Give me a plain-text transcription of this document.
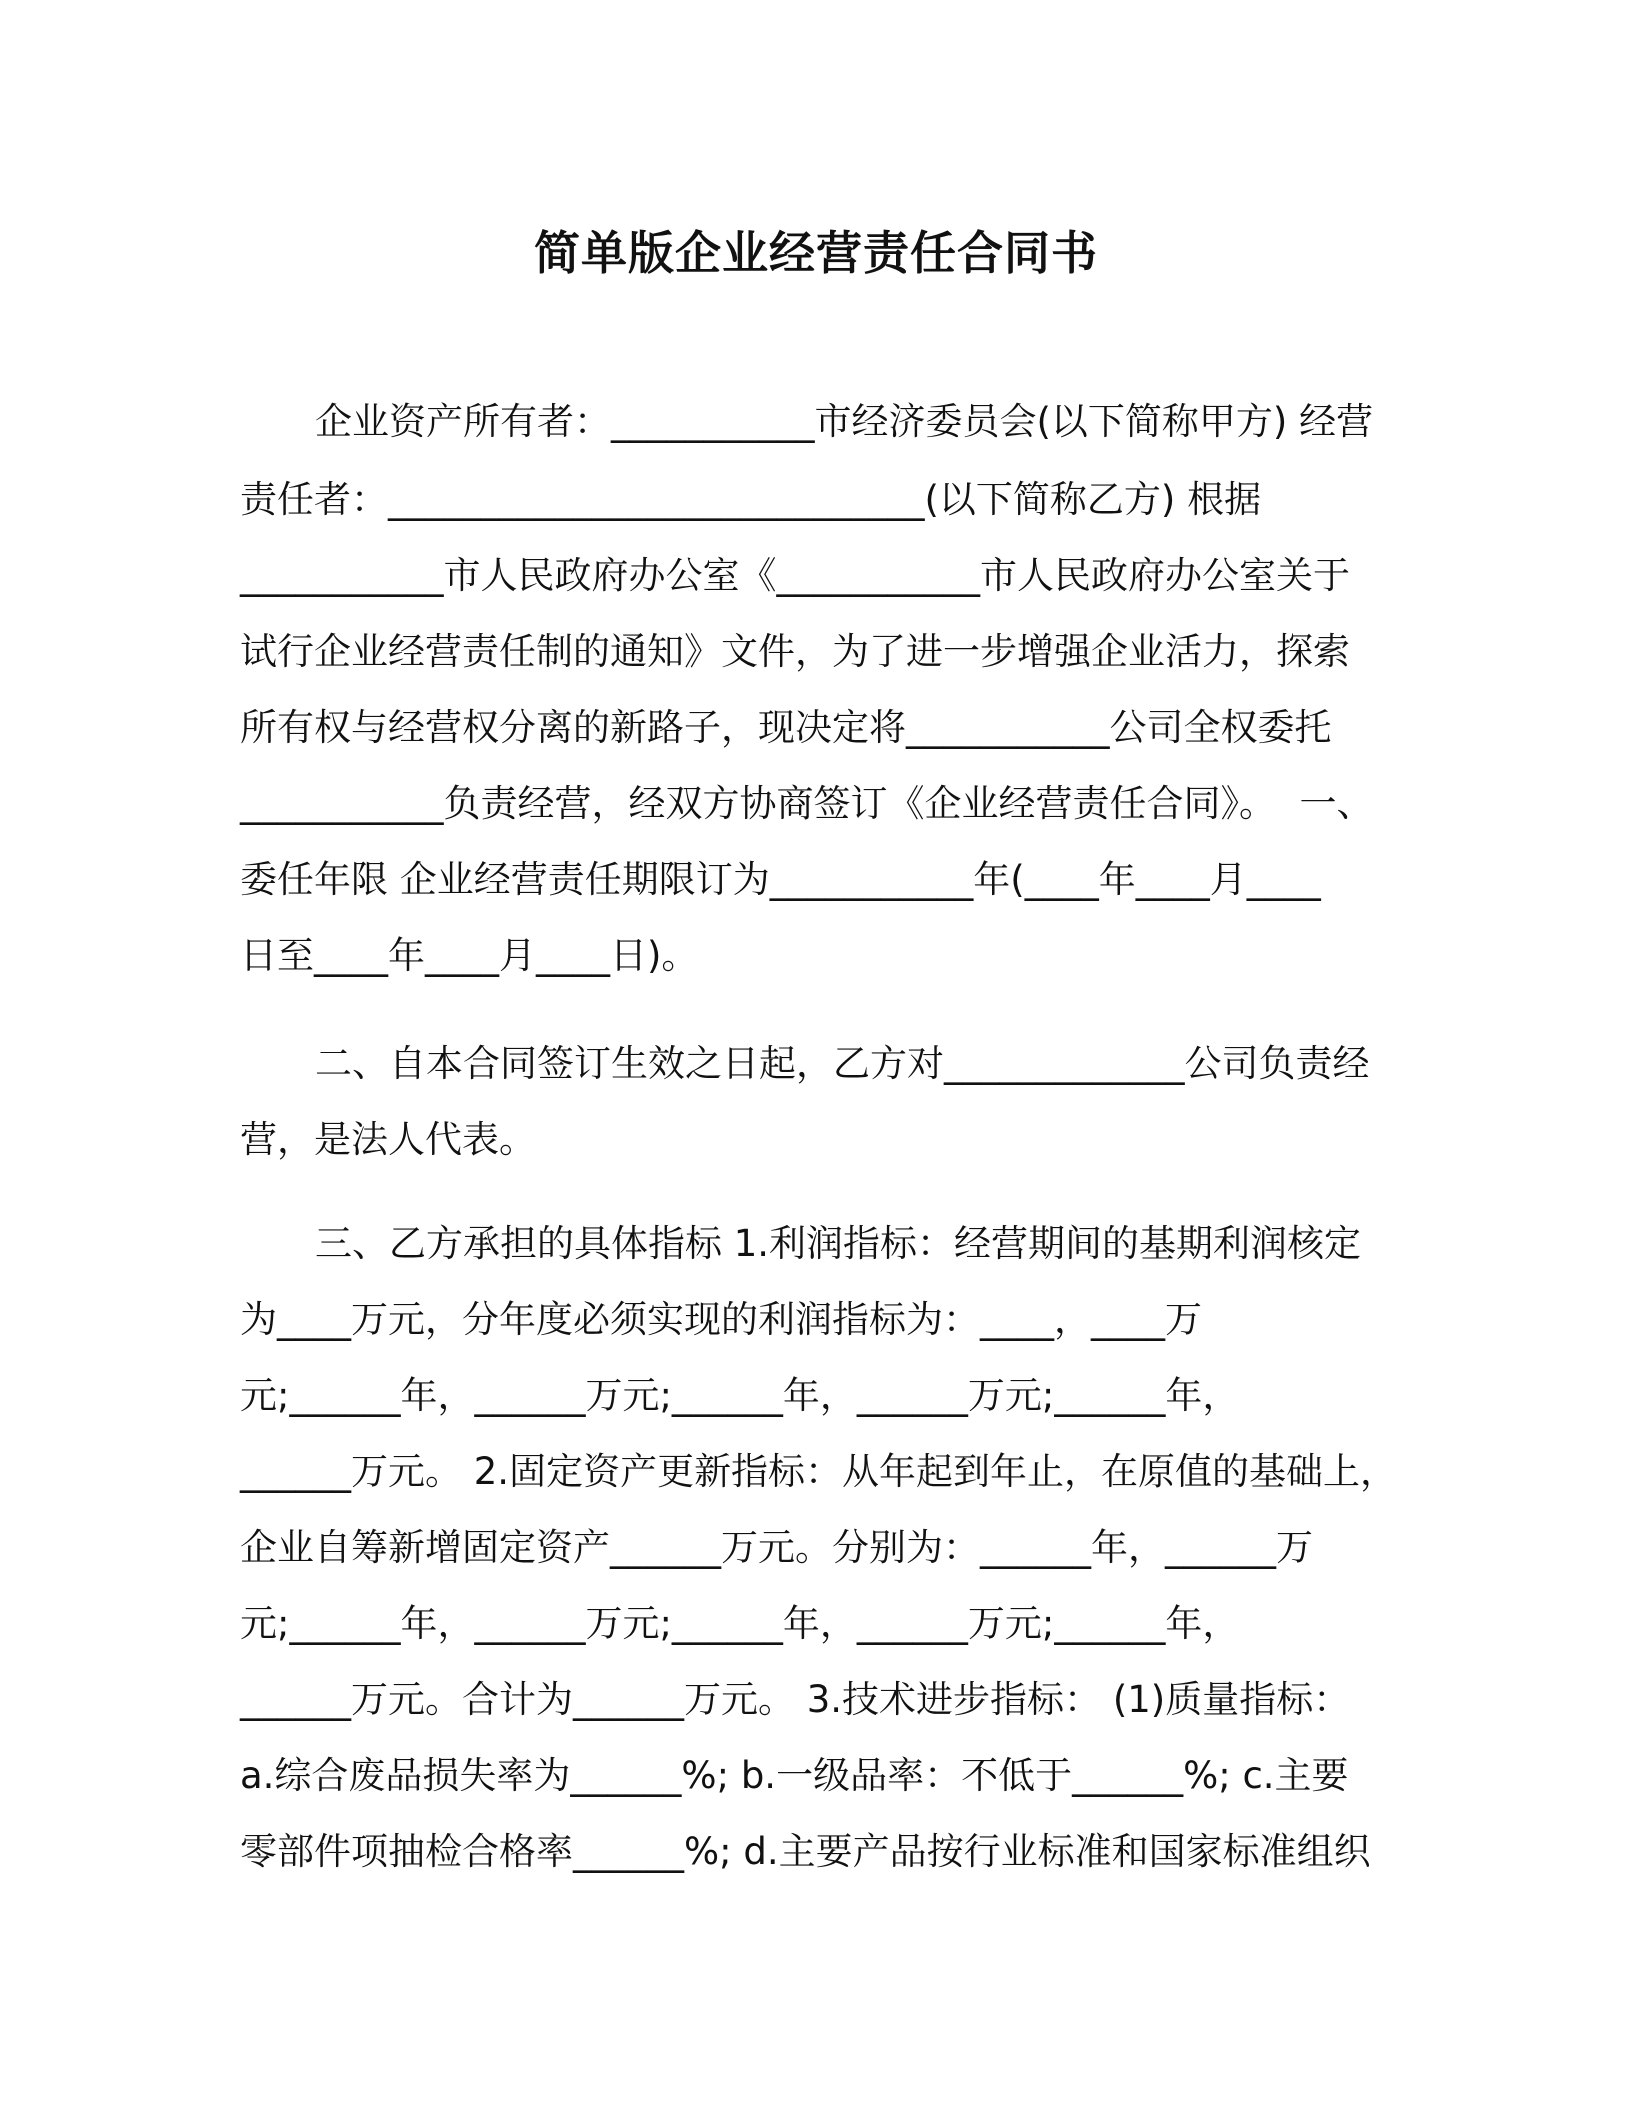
简单版企业经营责任合同书
企业资产所有者：___________市经济委员会(以下简称甲方) 经营
责任者：_____________________________(以下简称乙方) 根据
___________市人民政府办公室《___________市人民政府办公室关于
试行企业经营责任制的通知》文件，为了进一步增强企业活力，探索
所有权与经营权分离的新路子，现决定将___________公司全权委托
___________负责经营，经双方协商签订《企业经营责任合同》。  一、
委任年限 企业经营责任期限订为___________年(____年____月____
日至____年____月____日)。
二、自本合同签订生效之日起，乙方对_____________公司负责经
营，是法人代表。
三、乙方承担的具体指标 1.利润指标：经营期间的基期利润核定
为____万元，分年度必须实现的利润指标为：____，____万
元;______年，______万元;______年，______万元;______年，
______万元。 2.固定资产更新指标：从年起到年止，在原值的基础上，
企业自筹新增固定资产______万元。分别为：______年，______万
元;______年，______万元;______年，______万元;______年，
______万元。合计为______万元。 3.技术进步指标： (1)质量指标：
a.综合废品损失率为______%; b.一级品率：不低于______%; c.主要
零部件项抽检合格率______%; d.主要产品按行业标准和国家标准组织
